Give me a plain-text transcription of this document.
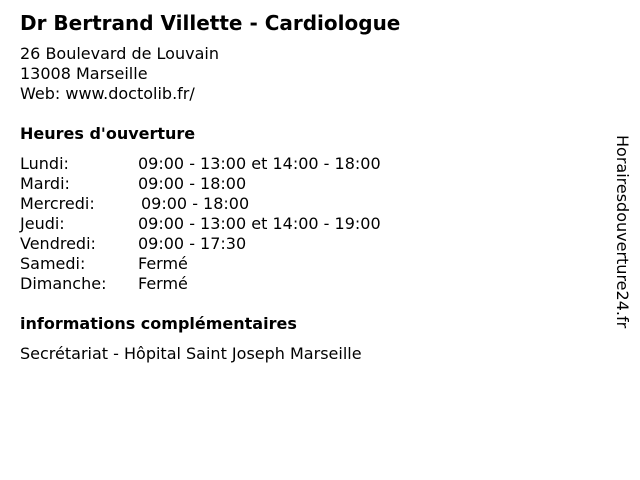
Dr Bertrand Villette - Cardiologue
26 Boulevard de Louvain
13008 Marseille
Web: www.doctolib.fr/
Heures d'ouverture
Lundi:	09:00 - 13:00 et 14:00 - 18:00
Mardi:	09:00 - 18:00
Mercredi:	09:00 - 18:00
Jeudi:	09:00 - 13:00 et 14:00 - 19:00
Vendredi:	09:00 - 17:30
Samedi:	Fermé
Dimanche: Fermé
informations complémentaires
Secrétariat - Hôpital Saint Joseph Marseille
Horairesdouverture24.fr
